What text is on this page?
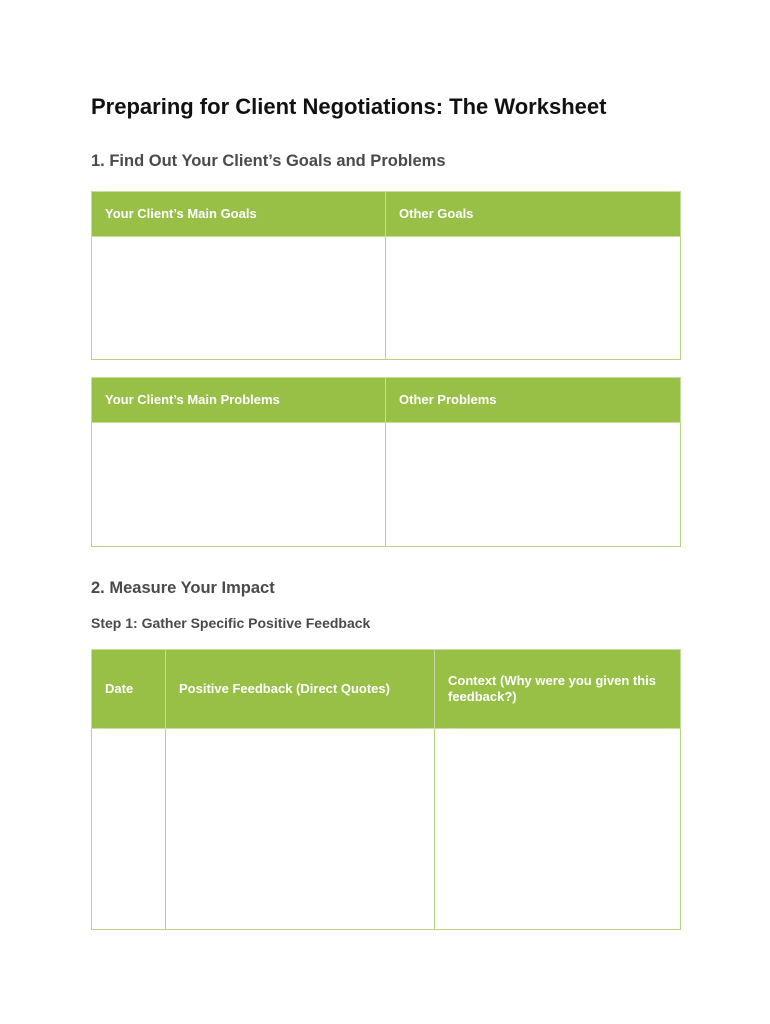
Preparing for Client Negotiations: The Worksheet
1. Find Out Your Client’s Goals and Problems
Your Client’s Main Goals	Other Goals

Your Client’s Main Problems	Other Problems

2. Measure Your Impact
Step 1: Gather Specific Positive Feedback
Date	Positive Feedback (Direct Quotes)	Context (Why were you given this feedback?)
